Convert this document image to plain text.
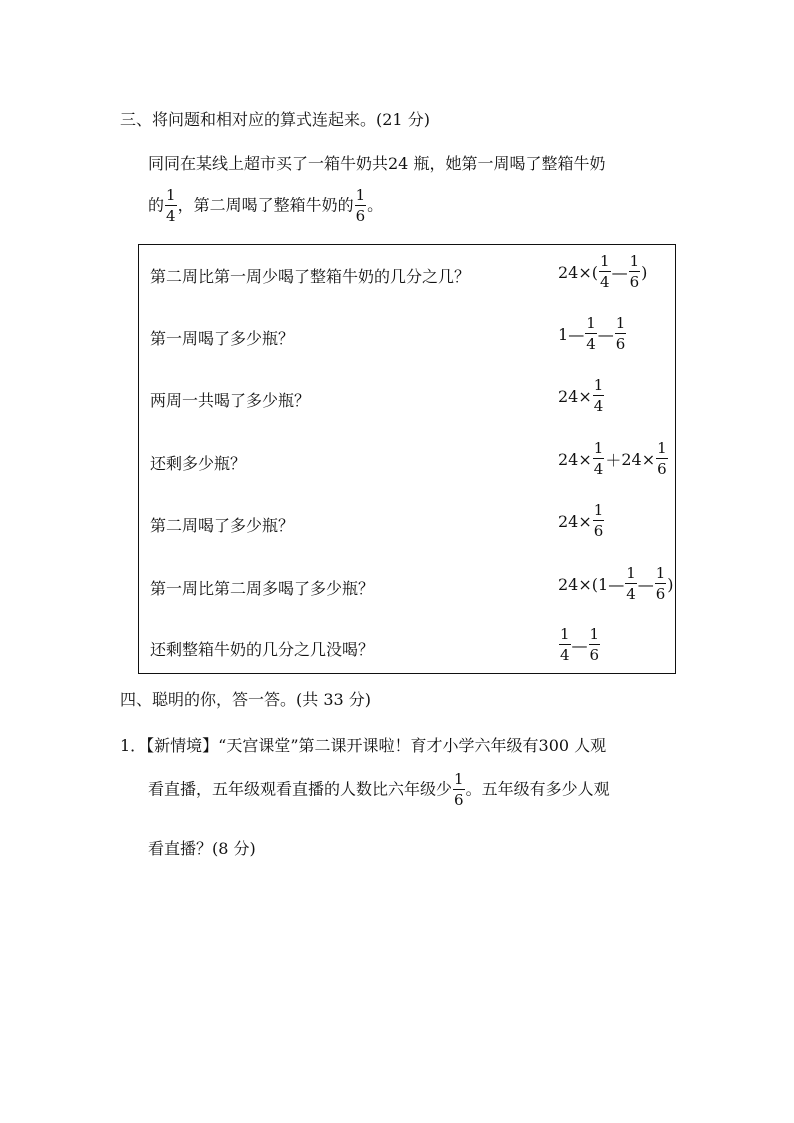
三、将问题和相对应的算式连起来。(21 分)
同同在某线上超市买了一箱牛奶共24 瓶，她第一周喝了整箱牛奶
的 $\frac{1}{4}$ ，第二周喝了整箱牛奶的 $\frac{1}{6}$ 。
第二周比第一周少喝了整箱牛奶的几分之几？
第一周喝了多少瓶？
两周一共喝了多少瓶？
还剩多少瓶？
第二周喝了多少瓶？
第一周比第二周多喝了多少瓶？
还剩整箱牛奶的几分之几没喝？
$24\times( \frac{1}{4}$ — $\frac{1}{6}$ )
1— $\frac{1}{4}$ — $\frac{1}{6}$
$24\times \frac{1}{4}$
$24\times \frac{1}{4} +24\times \frac{1}{6}$
$24\times \frac{1}{6}$
24×(1— $\frac{1}{4}$ — $\frac{1}{6}$ )
$\frac{1}{4}$ — $\frac{1}{6}$
四、聪明的你，答一答。(共 33 分)
1．【新情境】“天宫课堂”第二课开课啦！育才小学六年级有300 人观
看直播，五年级观看直播的人数比六年级少 $\frac{1}{6}$ 。五年级有多少人观
看直播？(8 分)
